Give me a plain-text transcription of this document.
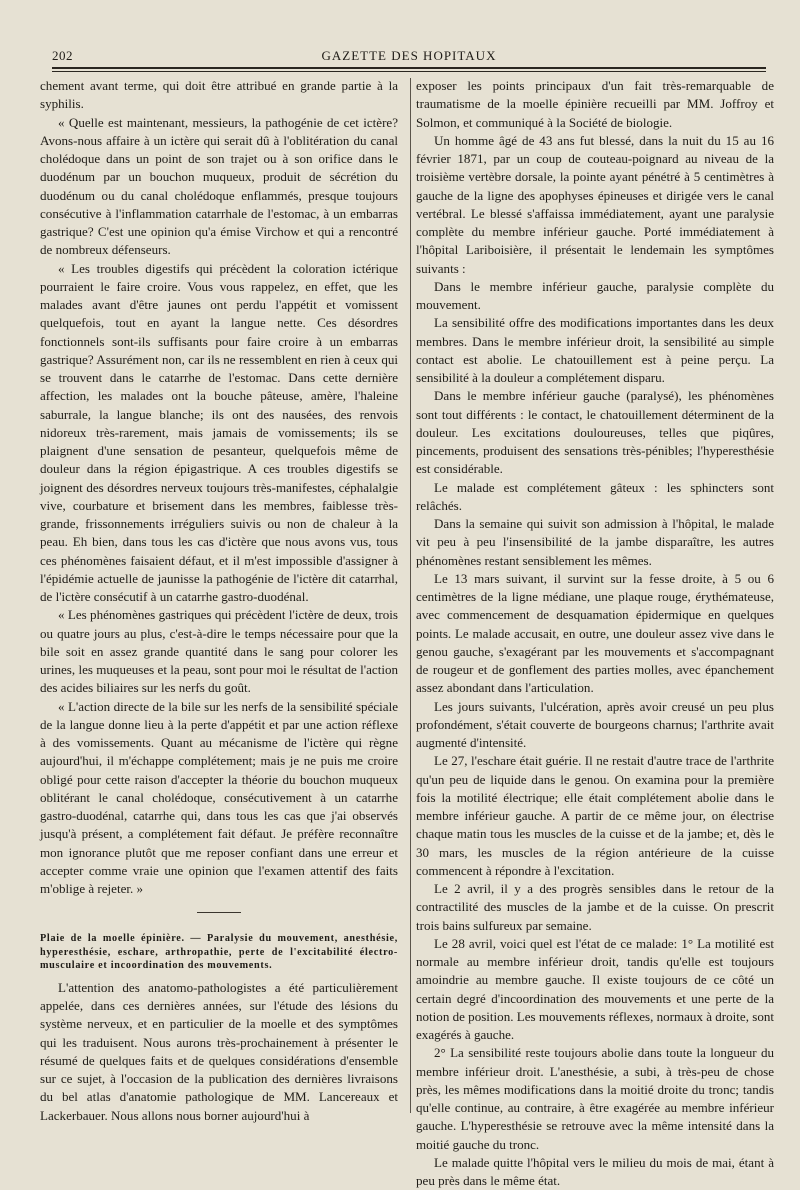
202	GAZETTE DES HOPITAUX

chement avant terme, qui doit être attribué en grande partie à la syphilis.

« Quelle est maintenant, messieurs, la pathogénie de cet ictère? Avons-nous affaire à un ictère qui serait dû à l'oblitération du canal cholédoque dans un point de son trajet ou à son orifice dans le duodénum par un bouchon muqueux, produit de sécrétion du duodénum ou du canal cholédoque enflammés, presque toujours consécutive à l'inflammation catarrhale de l'estomac, à un embarras gastrique? C'est une opinion qu'a émise Virchow et qui a rencontré de nombreux défenseurs.

« Les troubles digestifs qui précèdent la coloration ictérique pourraient le faire croire. Vous vous rappelez, en effet, que les malades avant d'être jaunes ont perdu l'appétit et vomissent quelquefois, tout en ayant la langue nette. Ces désordres fonctionnels sont-ils suffisants pour faire croire à un embarras gastrique? Assurément non, car ils ne ressemblent en rien à ceux qui se trouvent dans le catarrhe de l'estomac. Dans cette dernière affection, les malades ont la bouche pâteuse, amère, l'haleine saburrale, la langue blanche; ils ont des nausées, des renvois nidoreux très-rarement, mais jamais de vomissements; ils se plaignent d'une sensation de pesanteur, quelquefois même de douleur dans la région épigastrique. A ces troubles digestifs se joignent des désordres nerveux toujours très-manifestes, céphalalgie vive, courbature et brisement dans les membres, faiblesse très-grande, frissonnements irréguliers suivis ou non de chaleur à la peau. Eh bien, dans tous les cas d'ictère que nous avons vus, tous ces phénomènes faisaient défaut, et il m'est impossible d'assigner à l'épidémie actuelle de jaunisse la pathogénie de l'ictère dit catarrhal, de l'ictère consécutif à un catarrhe gastro-duodénal.

« Les phénomènes gastriques qui précèdent l'ictère de deux, trois ou quatre jours au plus, c'est-à-dire le temps nécessaire pour que la bile soit en assez grande quantité dans le sang pour colorer les urines, les muqueuses et la peau, sont pour moi le résultat de l'action des acides biliaires sur les nerfs du goût.

« L'action directe de la bile sur les nerfs de la sensibilité spéciale de la langue donne lieu à la perte d'appétit et par une action réflexe à des vomissements. Quant au mécanisme de l'ictère qui règne aujourd'hui, il m'échappe complétement; mais je ne puis me croire obligé pour cette raison d'accepter la théorie du bouchon muqueux oblitérant le canal cholédoque, consécutivement à un catarrhe gastro-duodénal, catarrhe qui, dans tous les cas que j'ai observés jusqu'à présent, a complétement fait défaut. Je préfère reconnaître mon ignorance plutôt que me reposer confiant dans une erreur et accepter comme vraie une opinion que l'examen attentif des faits m'oblige à rejeter. »

Plaie de la moelle épinière. — Paralysie du mouvement, anesthésie, hyperesthésie, eschare, arthropathie, perte de l'excitabilité électro-musculaire et incoordination des mouvements.

L'attention des anatomo-pathologistes a été particulièrement appelée, dans ces dernières années, sur l'étude des lésions du système nerveux, et en particulier de la moelle et des symptômes qui les traduisent. Nous aurons très-prochainement à présenter le résumé de quelques faits et de quelques considérations d'ensemble sur ce sujet, à l'occasion de la publication des dernières livraisons du bel atlas d'anatomie pathologique de MM. Lancereaux et Lackerbauer. Nous allons nous borner aujourd'hui à

exposer les points principaux d'un fait très-remarquable de traumatisme de la moelle épinière recueilli par MM. Joffroy et Solmon, et communiqué à la Société de biologie.

Un homme âgé de 43 ans fut blessé, dans la nuit du 15 au 16 février 1871, par un coup de couteau-poignard au niveau de la troisième vertèbre dorsale, la pointe ayant pénétré à 5 centimètres à gauche de la ligne des apophyses épineuses et dirigée vers le canal vertébral. Le blessé s'affaissa immédiatement, ayant une paralysie complète du membre inférieur gauche. Porté immédiatement à l'hôpital Lariboisière, il présentait le lendemain les symptômes suivants :

Dans le membre inférieur gauche, paralysie complète du mouvement.

La sensibilité offre des modifications importantes dans les deux membres. Dans le membre inférieur droit, la sensibilité au simple contact est abolie. Le chatouillement est à peine perçu. La sensibilité à la douleur a complétement disparu.

Dans le membre inférieur gauche (paralysé), les phénomènes sont tout différents : le contact, le chatouillement déterminent de la douleur. Les excitations douloureuses, telles que piqûres, pincements, produisent des sensations très-pénibles; l'hyperesthésie est considérable.

Le malade est complétement gâteux : les sphincters sont relâchés.

Dans la semaine qui suivit son admission à l'hôpital, le malade vit peu à peu l'insensibilité de la jambe disparaître, les autres phénomènes restant sensiblement les mêmes.

Le 13 mars suivant, il survint sur la fesse droite, à 5 ou 6 centimètres de la ligne médiane, une plaque rouge, érythémateuse, avec commencement de desquamation épidermique en quelques points. Le malade accusait, en outre, une douleur assez vive dans le genou gauche, s'exagérant par les mouvements et s'accompagnant de rougeur et de gonflement des parties molles, avec épanchement assez abondant dans l'articulation.

Les jours suivants, l'ulcération, après avoir creusé un peu plus profondément, s'était couverte de bourgeons charnus; l'arthrite avait augmenté d'intensité.

Le 27, l'eschare était guérie. Il ne restait d'autre trace de l'arthrite qu'un peu de liquide dans le genou. On examina pour la première fois la motilité électrique; elle était complétement abolie dans le membre inférieur gauche. A partir de ce même jour, on électrise chaque matin tous les muscles de la cuisse et de la jambe; et, dès le 30 mars, les muscles de la région antérieure de la cuisse commencent à répondre à l'excitation.

Le 2 avril, il y a des progrès sensibles dans le retour de la contractilité des muscles de la jambe et de la cuisse. On prescrit trois bains sulfureux par semaine.

Le 28 avril, voici quel est l'état de ce malade: 1° La motilité est normale au membre inférieur droit, tandis qu'elle est toujours amoindrie au membre gauche. Il existe toujours de ce côté un certain degré d'incoordination des mouvements et une perte de la notion de position. Les mouvements réflexes, normaux à droite, sont exagérés à gauche.

2° La sensibilité reste toujours abolie dans toute la longueur du membre inférieur droit. L'anesthésie, a subi, à très-peu de chose près, les mêmes modifications dans la moitié droite du tronc; tandis qu'elle continue, au contraire, à être exagérée au membre inférieur gauche. L'hyperesthésie se retrouve avec la même intensité dans la moitié gauche du tronc.

Le malade quitte l'hôpital vers le milieu du mois de mai, étant à peu près dans le même état.
